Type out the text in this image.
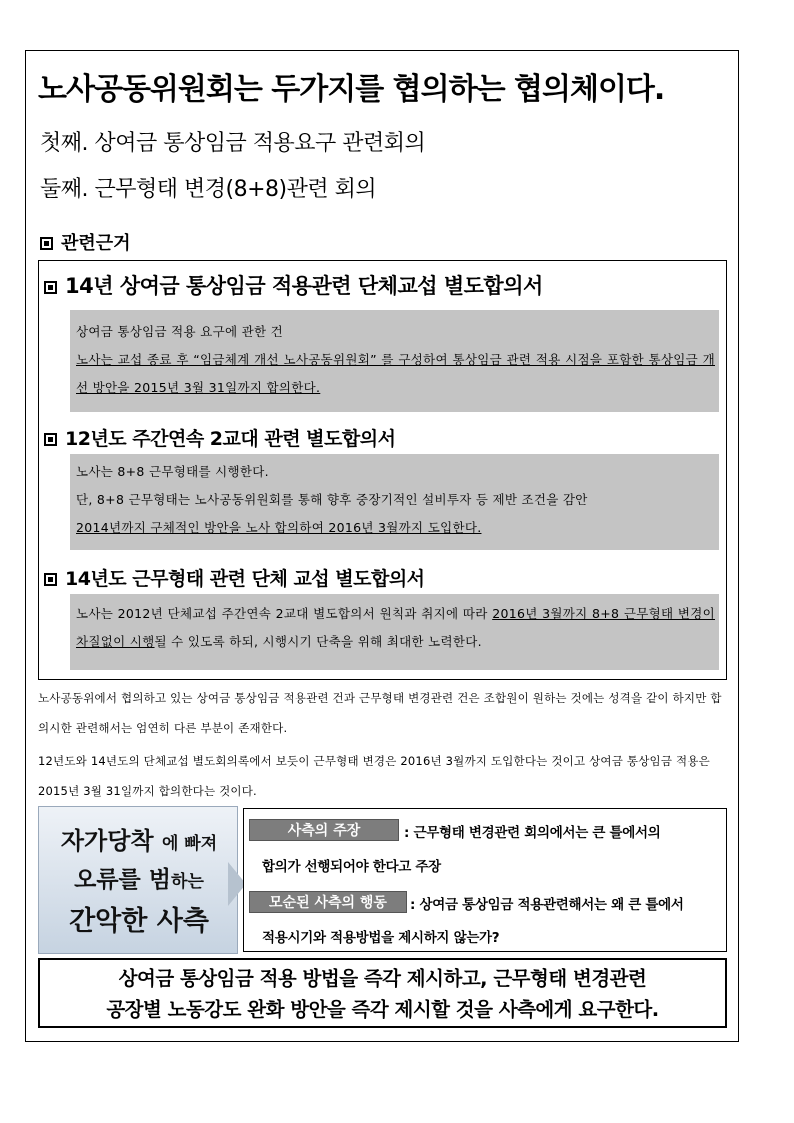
노사공동위원회는 두가지를 협의하는 협의체이다.

첫째. 상여금 통상임금 적용요구 관련회의

둘째. 근무형태 변경(8+8)관련 회의

관련근거
14년 상여금 통상임금 적용관련 단체교섭 별도합의서
상여금 통상임금 적용 요구에 관한 건
노사는 교섭 종료 후 “임금체계 개선 노사공동위원회” 를 구성하여 통상임금 관련 적용 시점을 포함한 통상임금 개선 방안을 2015년 3월 31일까지 합의한다.
12년도 주간연속 2교대 관련 별도합의서
노사는 8+8 근무형태를 시행한다.
단, 8+8 근무형태는 노사공동위원회를 통해 향후 중장기적인 설비투자 등 제반 조건을 감안
2014년까지 구체적인 방안을 노사 합의하여 2016년 3월까지 도입한다.
14년도 근무형태 관련 단체 교섭 별도합의서
노사는 2012년 단체교섭 주간연속 2교대 별도합의서 원칙과 취지에 따라 2016년 3월까지 8+8 근무형태 변경이 차질없이 시행될 수 있도록 하되, 시행시기 단축을 위해 최대한 노력한다.

노사공동위에서 협의하고 있는 상여금 통상임금 적용관련 건과 근무형태 변경관련 건은 조합원이 원하는 것에는 성격을 같이 하지만 합의시한 관련해서는 엄연히 다른 부분이 존재한다.

12년도와 14년도의 단체교섭 별도회의록에서 보듯이 근무형태 변경은 2016년 3월까지 도입한다는 것이고 상여금 통상임금 적용은 2015년 3월 31일까지 합의한다는 것이다.

자가당착 에 빠져
오류를 범하는
간악한 사측
사측의 주장	: 근무형태 변경관련 회의에서는 큰 틀에서의
합의가 선행되어야 한다고 주장
모순된 사측의 행동	: 상여금 통상임금 적용관련해서는 왜 큰 틀에서
적용시기와 적용방법을 제시하지 않는가?
상여금 통상임금 적용 방법을 즉각 제시하고, 근무형태 변경관련
공장별 노동강도 완화 방안을 즉각 제시할 것을 사측에게 요구한다.
